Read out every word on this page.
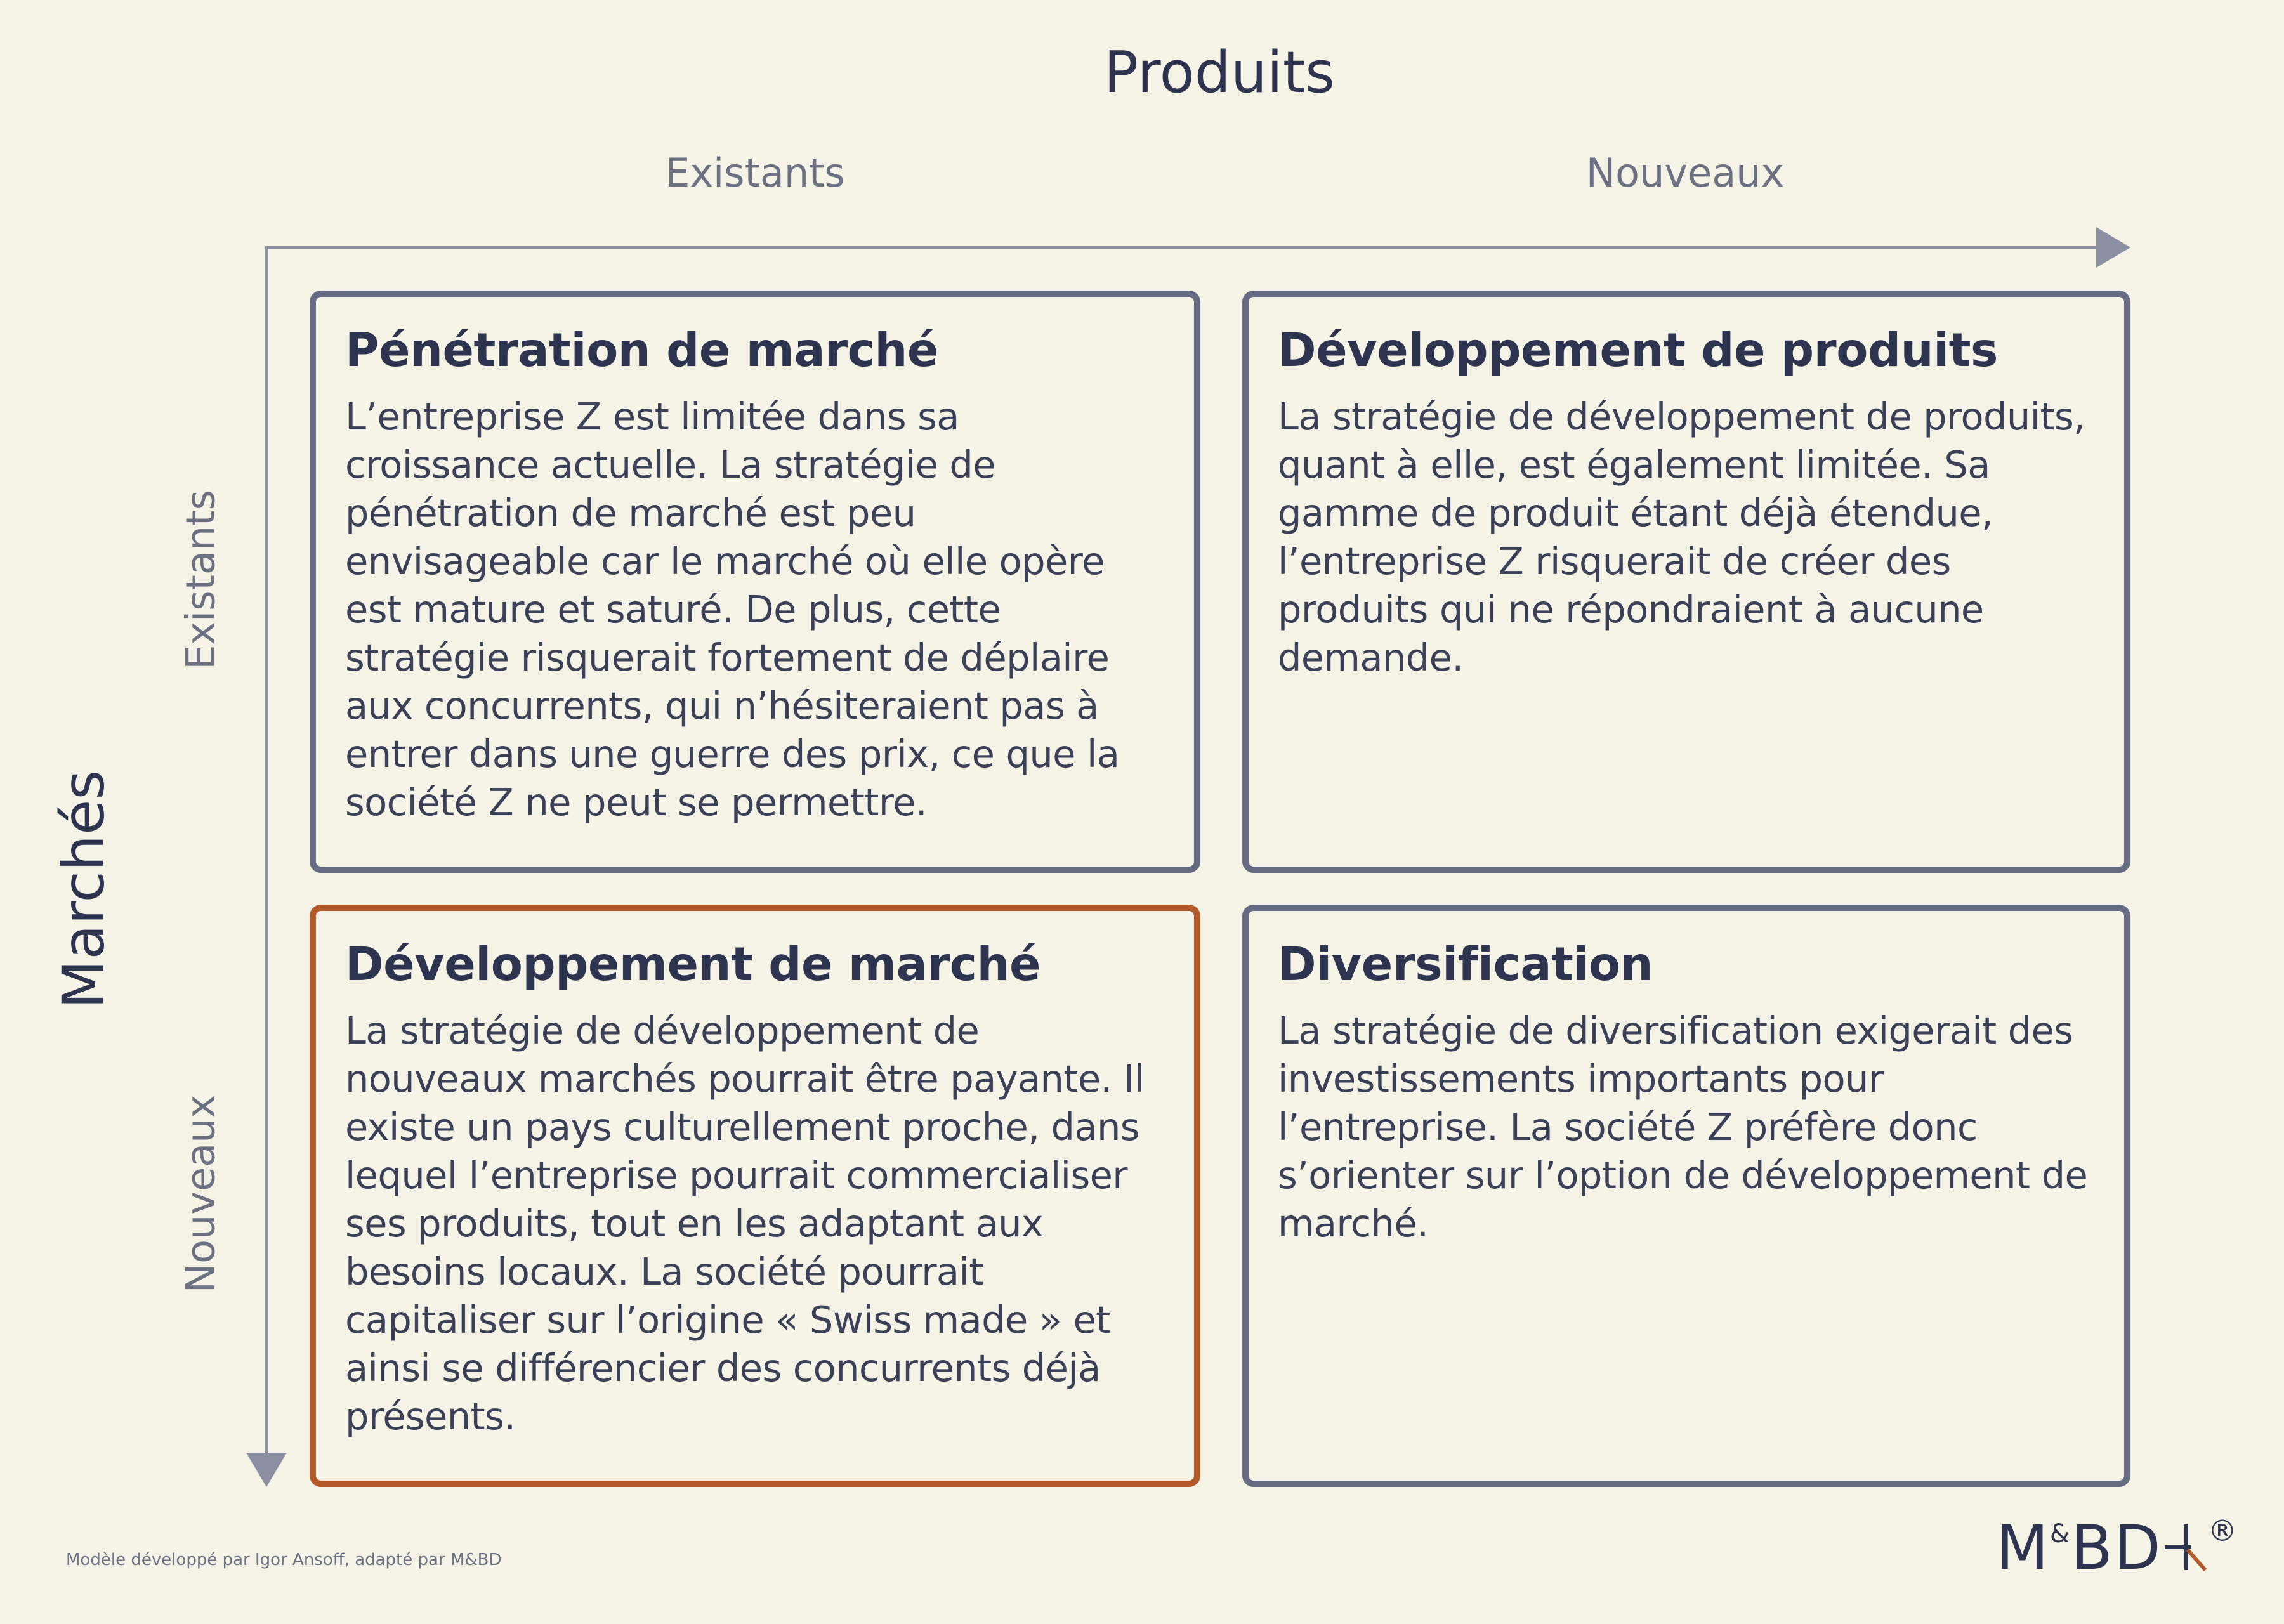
Produits
Existants	Nouveaux
Marchés
Existants
Nouveaux
Pénétration de marché

L’entreprise Z est limitée dans sa croissance actuelle. La stratégie de pénétration de marché est peu envisageable car le marché où elle opère est mature et saturé. De plus, cette stratégie risquerait fortement de déplaire aux concurrents, qui n’hésiteraient pas à entrer dans une guerre des prix, ce que la société Z ne peut se permettre.

Développement de produits

La stratégie de développement de produits, quant à elle, est également limitée. Sa gamme de produit étant déjà étendue, l’entreprise Z risquerait de créer des produits qui ne répondraient à aucune demande.

Développement de marché

La stratégie de développement de nouveaux marchés pourrait être payante. Il existe un pays culturellement proche, dans lequel l’entreprise pourrait commercialiser ses produits, tout en les adaptant aux besoins locaux. La société pourrait capitaliser sur l’origine « Swiss made » et ainsi se différencier des concurrents déjà présents.

Diversification

La stratégie de diversification exigerait des investissements importants pour l’entreprise. La société Z préfère donc s’orienter sur l’option de développement de marché.

Modèle développé par Igor Ansoff, adapté par M&BD	M&BD ®
